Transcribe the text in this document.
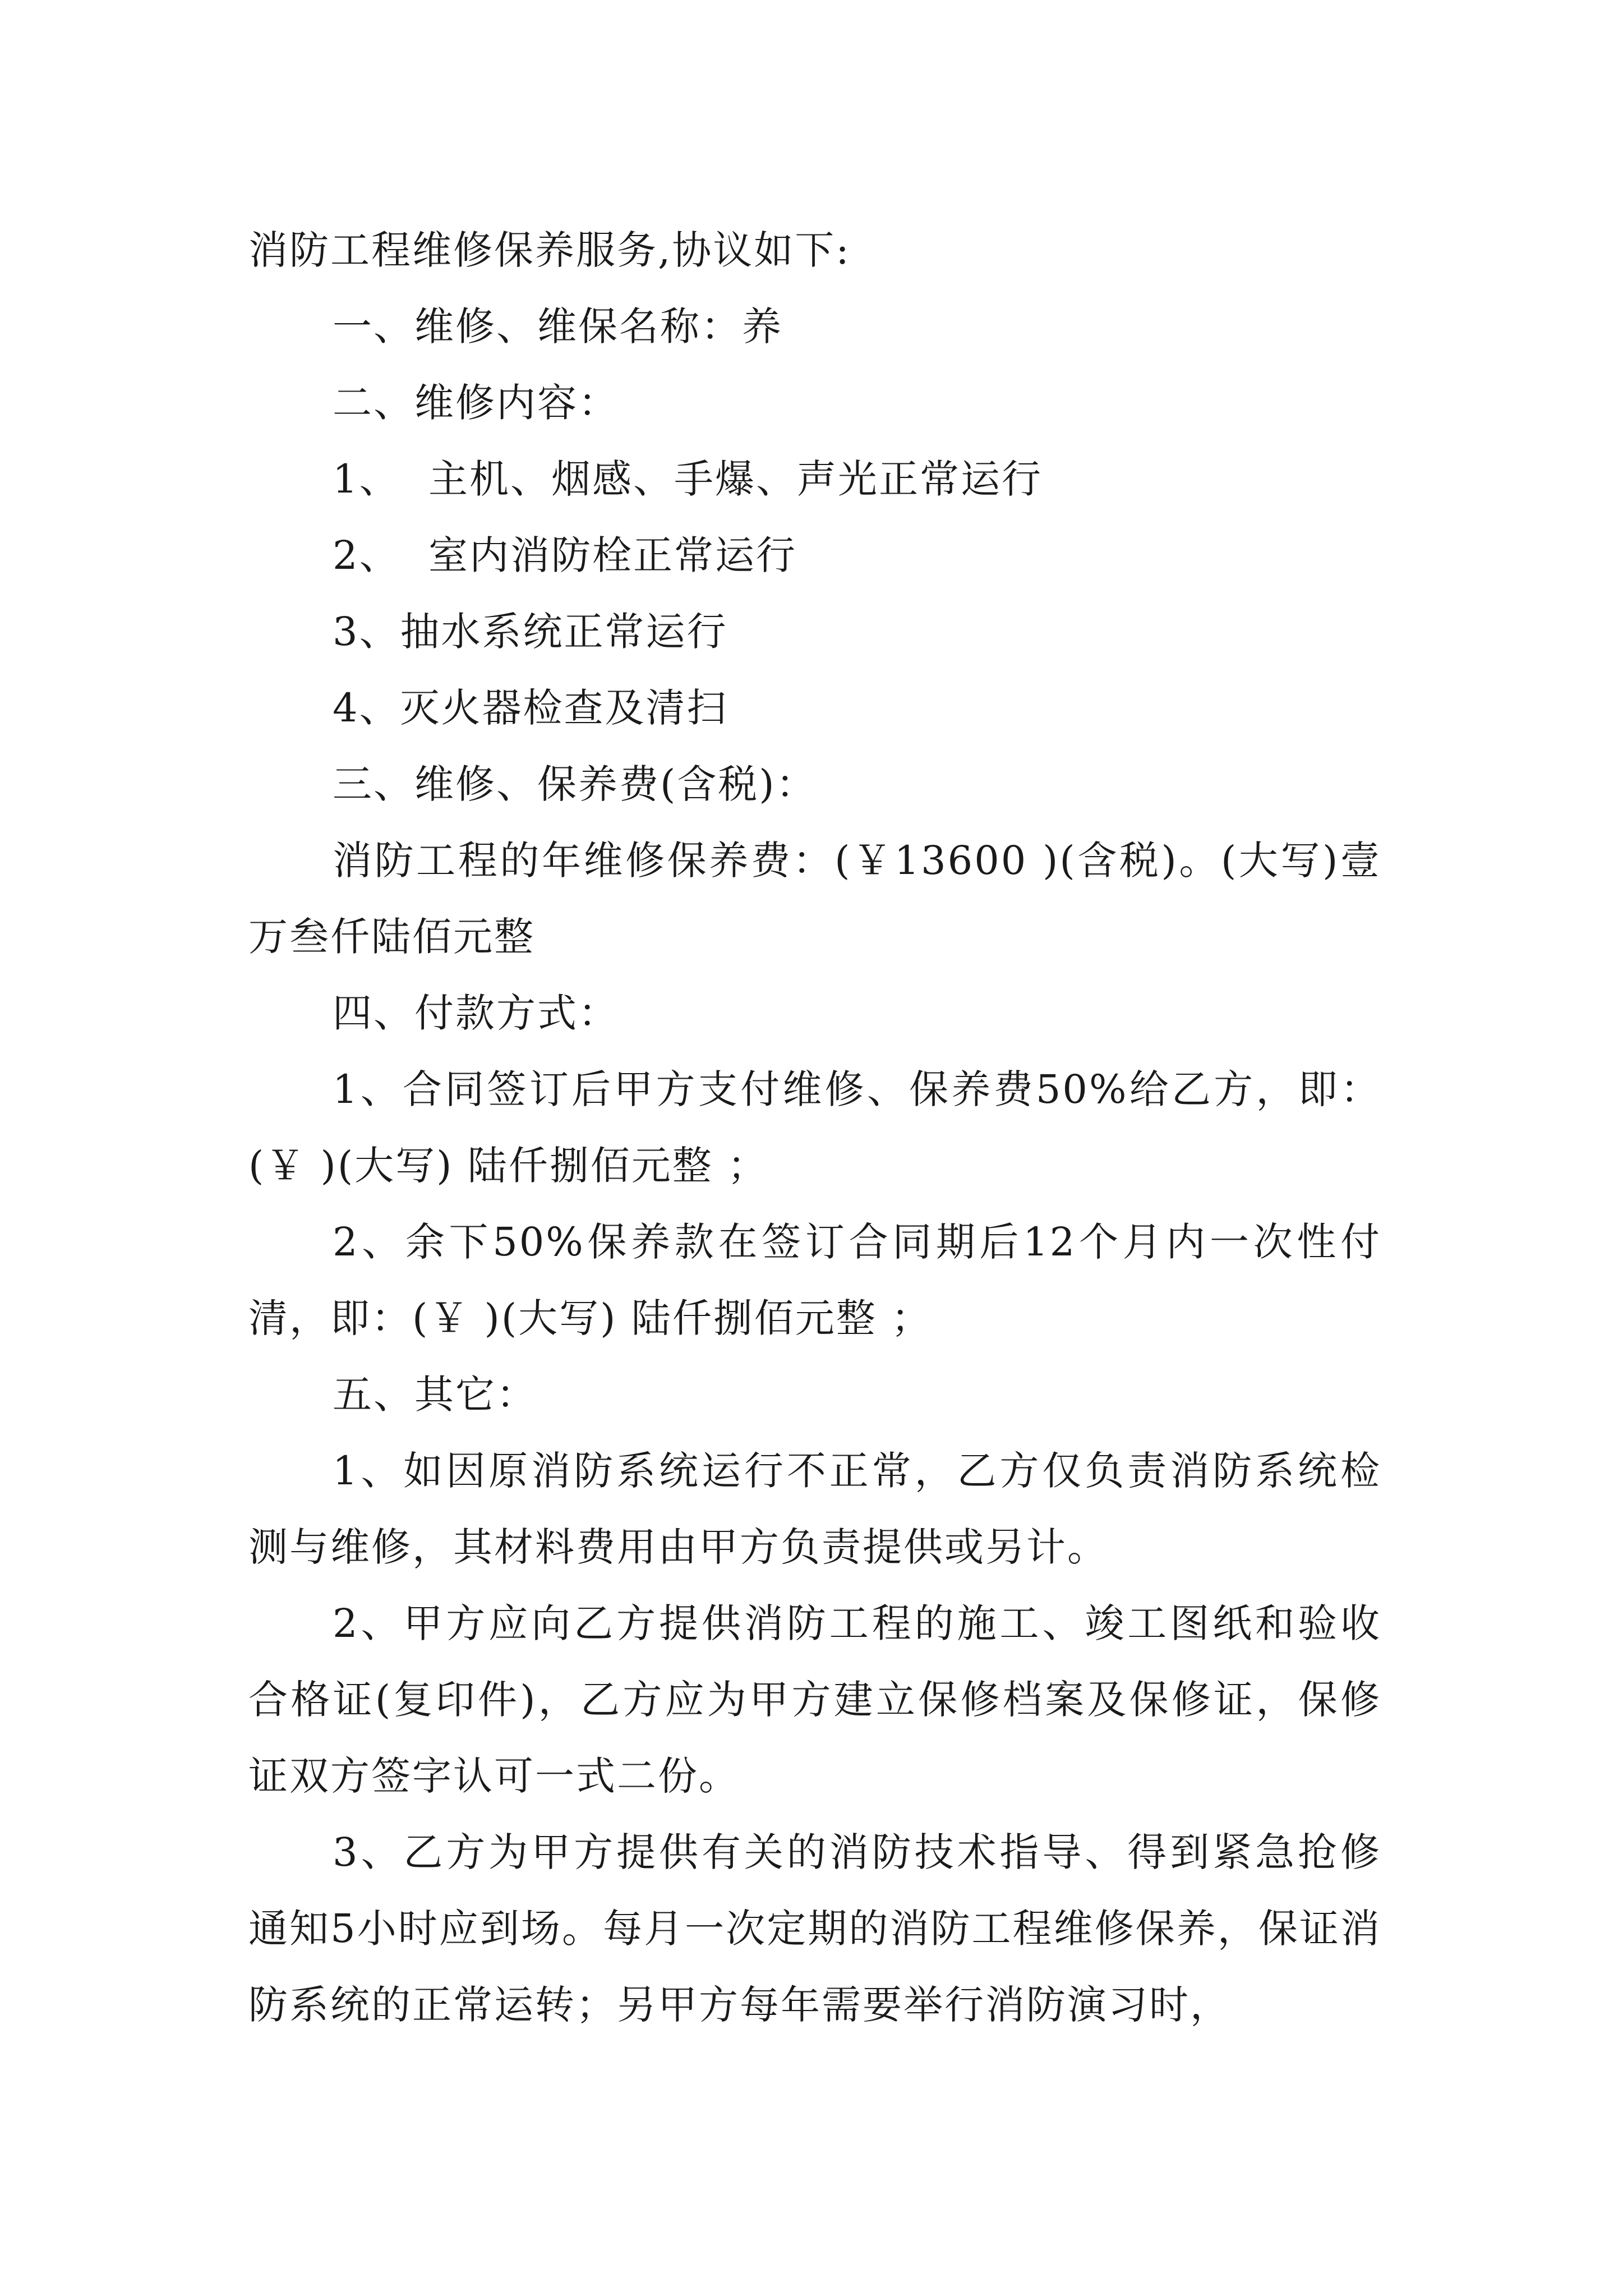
消防工程维修保养服务,协议如下:

一、维修、维保名称：养

二、维修内容：

1、  主机、烟感、手爆、声光正常运行

2、  室内消防栓正常运行

3、抽水系统正常运行

4、灭火器检查及清扫

三、维修、保养费(含税)：

消防工程的年维修保养费：(￥13600 )(含税)。(大写)壹万叁仟陆佰元整

四、付款方式：

1、合同签订后甲方支付维修、保养费50%给乙方，即：(￥ )(大写) 陆仟捌佰元整 ；

2、余下50%保养款在签订合同期后12个月内一次性付清，即：(￥ )(大写) 陆仟捌佰元整 ；

五、其它：

1、如因原消防系统运行不正常，乙方仅负责消防系统检测与维修，其材料费用由甲方负责提供或另计。

2、甲方应向乙方提供消防工程的施工、竣工图纸和验收合格证(复印件)，乙方应为甲方建立保修档案及保修证，保修证双方签字认可一式二份。

3、乙方为甲方提供有关的消防技术指导、得到紧急抢修通知5小时应到场。每月一次定期的消防工程维修保养，保证消防系统的正常运转；另甲方每年需要举行消防演习时，
